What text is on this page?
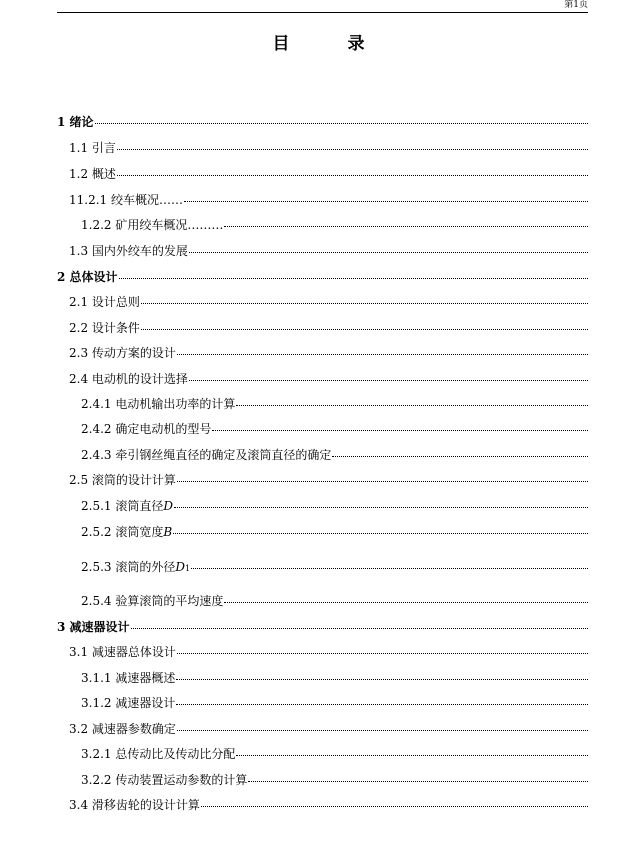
第1页
目 录
1 绪论
1.1 引言
1.2 概述
11.2.1 绞车概况……
1.2.2 矿用绞车概况………
1.3 国内外绞车的发展
2 总体设计
2.1 设计总则
2.2 设计条件
2.3 传动方案的设计
2.4 电动机的设计选择
2.4.1 电动机输出功率的计算
2.4.2 确定电动机的型号
2.4.3 牵引钢丝绳直径的确定及滚筒直径的确定
2.5 滚筒的设计计算
2.5.1 滚筒直径 D
2.5.2 滚筒宽度 B
2.5.3 滚筒的外径 D 1
2.5.4 验算滚筒的平均速度
3 减速器设计
3.1 减速器总体设计
3.1.1 减速器概述
3.1.2 减速器设计
3.2 减速器参数确定
3.2.1 总传动比及传动比分配
3.2.2 传动装置运动参数的计算
3.4 滑移齿轮的设计计算
